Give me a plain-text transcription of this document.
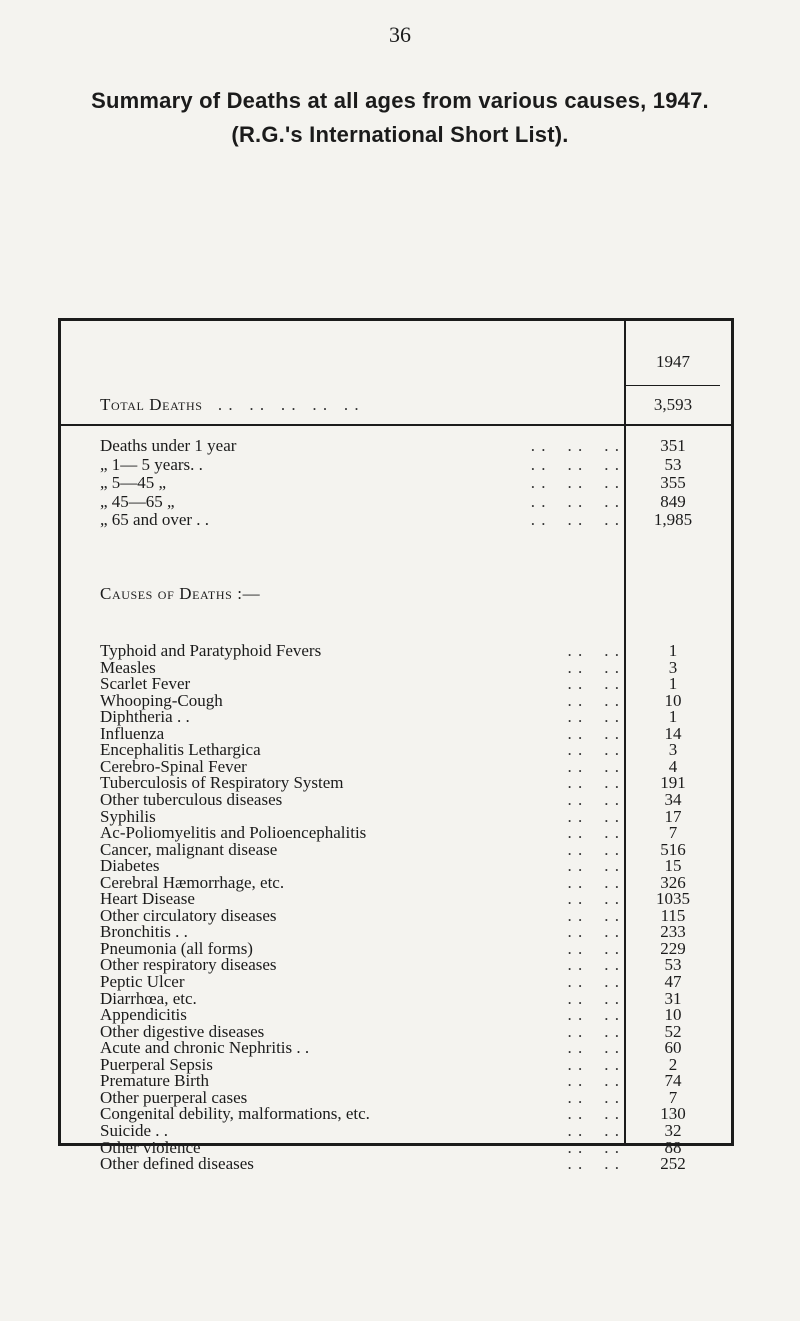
36
Summary of Deaths at all ages from various causes, 1947.
(R.G.'s International Short List).
1947
Total Deaths   . .   . .   . .   . .   . .	3,593
Deaths under 1 year	. .    . .    . .	351
„ 1— 5 years. .	. .    . .    . .	53
„ 5—45 „	. .    . .    . .	355
„ 45—65 „	. .    . .    . .	849
„ 65 and over . .	. .    . .    . .	1,985
Causes of Deaths :—
Typhoid and Paratyphoid Fevers	. .    . .	1
Measles	. .    . .	3
Scarlet Fever	. .    . .	1
Whooping-Cough	. .    . .	10
Diphtheria . .	. .    . .	1
Influenza	. .    . .	14
Encephalitis Lethargica	. .    . .	3
Cerebro-Spinal Fever	. .    . .	4
Tuberculosis of Respiratory System	. .    . .	191
Other tuberculous diseases	. .    . .	34
Syphilis	. .    . .	17
Ac-Poliomyelitis and Polioencephalitis	. .    . .	7
Cancer, malignant disease	. .    . .	516
Diabetes	. .    . .	15
Cerebral Hæmorrhage, etc.	. .    . .	326
Heart Disease	. .    . .	1035
Other circulatory diseases	. .    . .	115
Bronchitis . .	. .    . .	233
Pneumonia (all forms)	. .    . .	229
Other respiratory diseases	. .    . .	53
Peptic Ulcer	. .    . .	47
Diarrhœa, etc.	. .    . .	31
Appendicitis	. .    . .	10
Other digestive diseases	. .    . .	52
Acute and chronic Nephritis . .	. .    . .	60
Puerperal Sepsis	. .    . .	2
Premature Birth	. .    . .	74
Other puerperal cases	. .    . .	7
Congenital debility, malformations, etc.	. .    . .	130
Suicide . .	. .    . .	32
Other violence	. .    . .	88
Other defined diseases	. .    . .	252
